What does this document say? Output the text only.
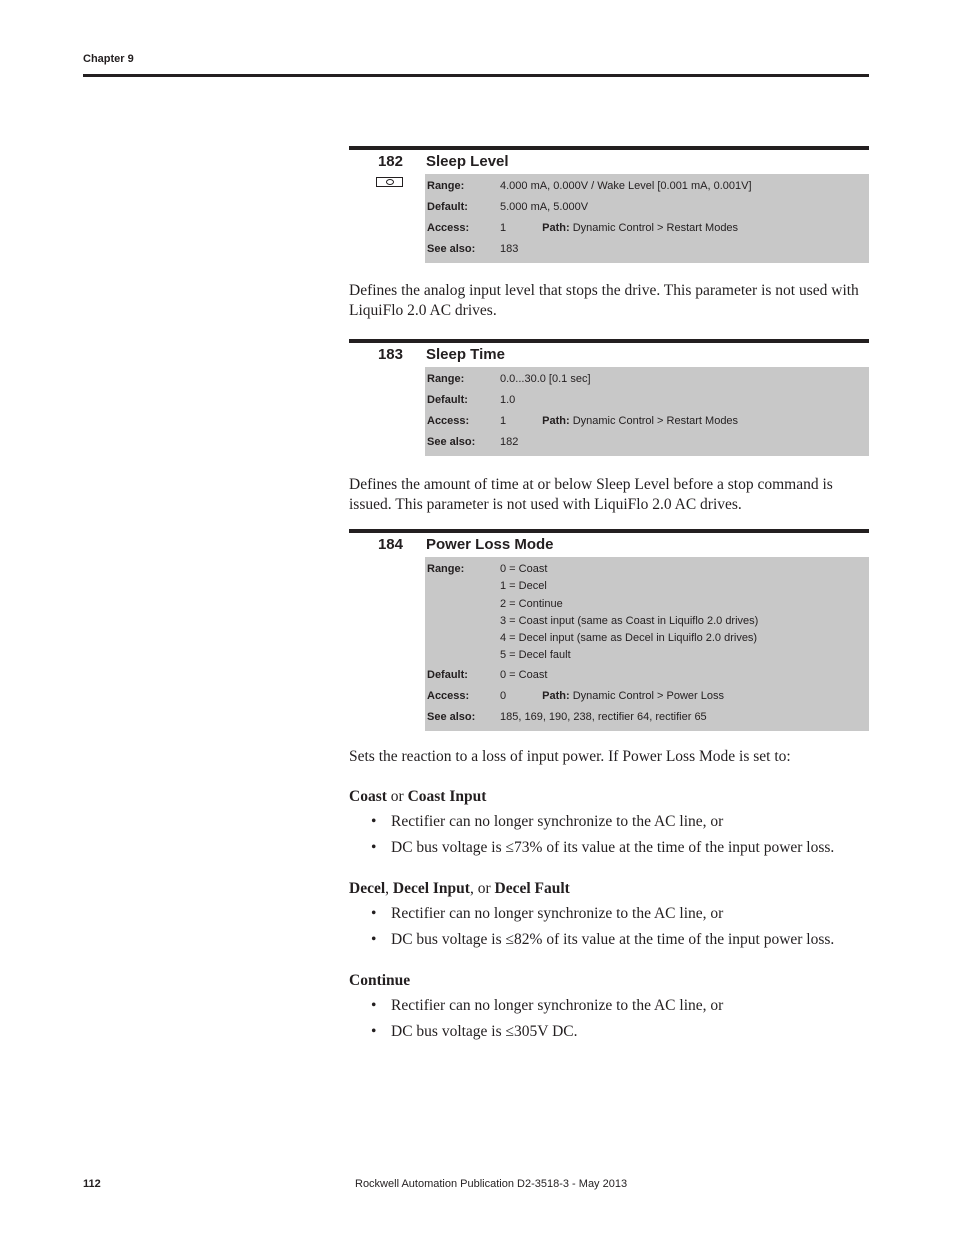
Chapter 9
182 Sleep Level
Range:	4.000 mA, 0.000V / Wake Level [0.001 mA, 0.001V]
Default:	5.000 mA, 5.000V
Access:	1	Path: Dynamic Control > Restart Modes
See also: 183
Defines the analog input level that stops the drive. This parameter is not used with LiquiFlo 2.0 AC drives.
183 Sleep Time
Range:	0.0...30.0 [0.1 sec]
Default:	1.0
Access:	1	Path: Dynamic Control > Restart Modes
See also: 182
Defines the amount of time at or below Sleep Level before a stop command is issued. This parameter is not used with LiquiFlo 2.0 AC drives.
184 Power Loss Mode
Range:	0 = Coast
1 = Decel
2 = Continue
3 = Coast input (same as Coast in Liquiflo 2.0 drives)
4 = Decel input (same as Decel in Liquiflo 2.0 drives)
5 = Decel fault
Default:	0 = Coast
Access:	0	Path: Dynamic Control > Power Loss
See also: 185, 169, 190, 238, rectifier 64, rectifier 65
Sets the reaction to a loss of input power. If Power Loss Mode is set to:
Coast or Coast Input
• Rectifier can no longer synchronize to the AC line, or
• DC bus voltage is ≤73% of its value at the time of the input power loss.
Decel, Decel Input, or Decel Fault
• Rectifier can no longer synchronize to the AC line, or
• DC bus voltage is ≤82% of its value at the time of the input power loss.
Continue
• Rectifier can no longer synchronize to the AC line, or
• DC bus voltage is ≤305V DC.
112	Rockwell Automation Publication D2-3518-3 - May 2013
